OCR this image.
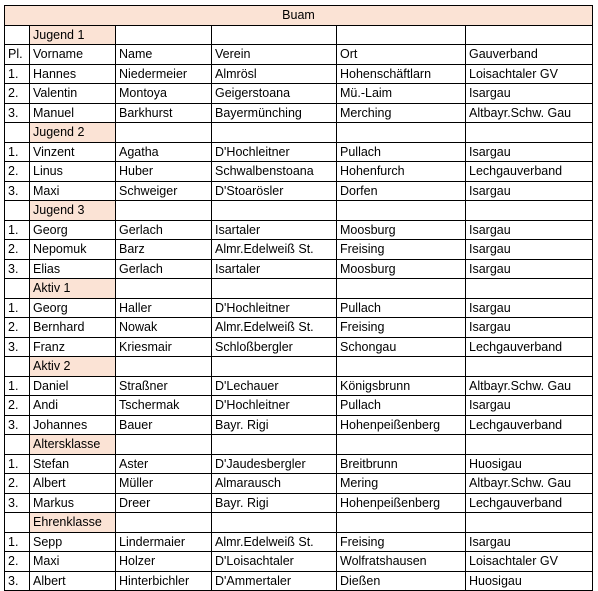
Buam					
	Jugend 1				
Pl.	Vorname	Name	Verein	Ort	Gauverband
1.	Hannes	Niedermeier	Almrösl	Hohenschäftlarn	Loisachtaler GV
2.	Valentin	Montoya	Geigerstoana	Mü.-Laim	Isargau
3.	Manuel	Barkhurst	Bayermünching	Merching	Altbayr.Schw. Gau
	Jugend 2				
1.	Vinzent	Agatha	D'Hochleitner	Pullach	Isargau
2.	Linus	Huber	Schwalbenstoana	Hohenfurch	Lechgauverband
3.	Maxi	Schweiger	D'Stoarösler	Dorfen	Isargau
	Jugend 3				
1.	Georg	Gerlach	Isartaler	Moosburg	Isargau
2.	Nepomuk	Barz	Almr.Edelweiß St.	Freising	Isargau
3.	Elias	Gerlach	Isartaler	Moosburg	Isargau
	Aktiv 1				
1.	Georg	Haller	D'Hochleitner	Pullach	Isargau
2.	Bernhard	Nowak	Almr.Edelweiß St.	Freising	Isargau
3.	Franz	Kriesmair	Schloßbergler	Schongau	Lechgauverband
	Aktiv 2				
1.	Daniel	Straßner	D'Lechauer	Königsbrunn	Altbayr.Schw. Gau
2.	Andi	Tschermak	D'Hochleitner	Pullach	Isargau
3.	Johannes	Bauer	Bayr. Rigi	Hohenpeißenberg	Lechgauverband
	Altersklasse				
1.	Stefan	Aster	D'Jaudesbergler	Breitbrunn	Huosigau
2.	Albert	Müller	Almarausch	Mering	Altbayr.Schw. Gau
3.	Markus	Dreer	Bayr. Rigi	Hohenpeißenberg	Lechgauverband
	Ehrenklasse				
1.	Sepp	Lindermaier	Almr.Edelweiß St.	Freising	Isargau
2.	Maxi	Holzer	D'Loisachtaler	Wolfratshausen	Loisachtaler GV
3.	Albert	Hinterbichler	D'Ammertaler	Dießen	Huosigau
